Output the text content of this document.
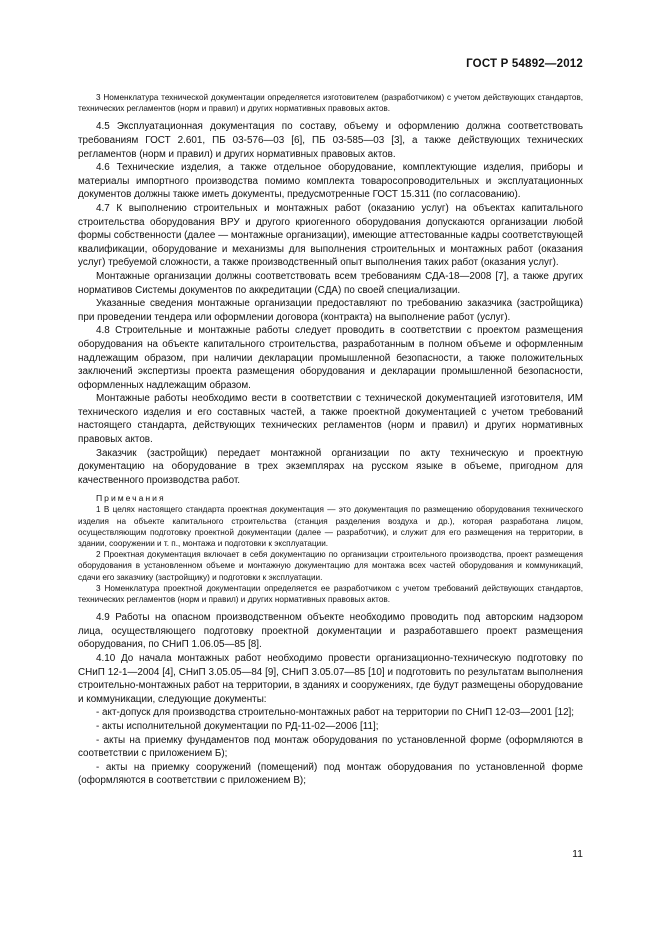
ГОСТ Р 54892—2012

3 Номенклатура технической документации определяется изготовителем (разработчиком) с учетом действующих стандартов, технических регламентов (норм и правил) и других нормативных правовых актов.

4.5 Эксплуатационная документация по составу, объему и оформлению должна соответствовать требованиям ГОСТ 2.601, ПБ 03-576—03 [6], ПБ 03-585—03 [3], а также действующих технических регламентов (норм и правил) и других нормативных правовых актов.

4.6 Технические изделия, а также отдельное оборудование, комплектующие изделия, приборы и материалы импортного производства помимо комплекта товаросопроводительных и эксплуатационных документов должны также иметь документы, предусмотренные ГОСТ 15.311 (по согласованию).

4.7 К выполнению строительных и монтажных работ (оказанию услуг) на объектах капитального строительства оборудования ВРУ и другого криогенного оборудования допускаются организации любой формы собственности (далее — монтажные организации), имеющие аттестованные кадры соответствующей квалификации, оборудование и механизмы для выполнения строительных и монтажных работ (оказания услуг) требуемой сложности, а также производственный опыт выполнения таких работ (оказания услуг).

Монтажные организации должны соответствовать всем требованиям СДА-18—2008 [7], а также других нормативов Системы документов по аккредитации (СДА) по своей специализации.

Указанные сведения монтажные организации предоставляют по требованию заказчика (застройщика) при проведении тендера или оформлении договора (контракта) на выполнение работ (услуг).

4.8 Строительные и монтажные работы следует проводить в соответствии с проектом размещения оборудования на объекте капитального строительства, разработанным в полном объеме и оформленным надлежащим образом, при наличии декларации промышленной безопасности, а также положительных заключений экспертизы проекта размещения оборудования и декларации промышленной безопасности, оформленных надлежащим образом.

Монтажные работы необходимо вести в соответствии с технической документацией изготовителя, ИМ технического изделия и его составных частей, а также проектной документацией с учетом требований настоящего стандарта, действующих технических регламентов (норм и правил) и других нормативных правовых актов.

Заказчик (застройщик) передает монтажной организации по акту техническую и проектную документацию на оборудование в трех экземплярах на русском языке в объеме, пригодном для качественного производства работ.

Примечания

1 В целях настоящего стандарта проектная документация — это документация по размещению оборудования технического изделия на объекте капитального строительства (станция разделения воздуха и др.), которая разработана лицом, осуществляющим подготовку проектной документации (далее — разработчик), и служит для его размещения на территории, в здании, сооружении и т. п., монтажа и подготовки к эксплуатации.

2 Проектная документация включает в себя документацию по организации строительного производства, проект размещения оборудования в установленном объеме и монтажную документацию для монтажа всех частей оборудования и коммуникаций, сдачи его заказчику (застройщику) и подготовки к эксплуатации.

3 Номенклатура проектной документации определяется ее разработчиком с учетом требований действующих стандартов, технических регламентов (норм и правил) и других нормативных правовых актов.

4.9 Работы на опасном производственном объекте необходимо проводить под авторским надзором лица, осуществляющего подготовку проектной документации и разработавшего проект размещения оборудования, по СНиП 1.06.05—85 [8].

4.10 До начала монтажных работ необходимо провести организационно-техническую подготовку по СНиП 12-1—2004 [4], СНиП 3.05.05—84 [9], СНиП 3.05.07—85 [10] и подготовить по результатам выполнения строительно-монтажных работ на территории, в зданиях и сооружениях, где будут размещены оборудование и коммуникации, следующие документы:

- акт-допуск для производства строительно-монтажных работ на территории по СНиП 12-03—2001 [12];

- акты исполнительной документации по РД-11-02—2006 [11];

- акты на приемку фундаментов под монтаж оборудования по установленной форме (оформляются в соответствии с приложением Б);

- акты на приемку сооружений (помещений) под монтаж оборудования по установленной форме (оформляются в соответствии с приложением В);

11
